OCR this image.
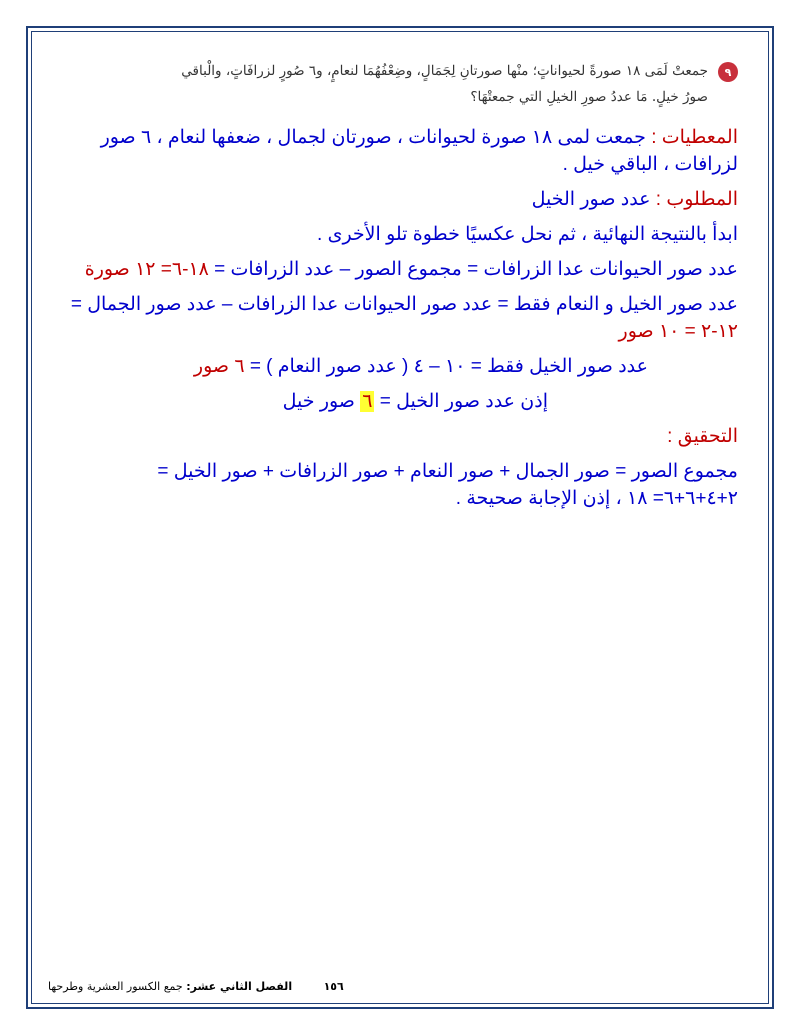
٩

جمعتْ لَمَى ١٨ صورةً لحيواناتٍ؛ منْها صورتانِ لِجَمَالٍ، وضِعْفُهُمَا لنعامٍ، و٦ صُورٍ لزرافَاتٍ، والْباقي

صورُ خيلٍ. مَا عددُ صورِ الخيلِ التي جمعتْهَا؟

المعطيات : جمعت لمى ١٨ صورة لحيوانات ، صورتان لجمال ، ضعفها لنعام ، ٦ صور لزرافات ، الباقي خيل .

المطلوب : عدد صور الخيل

ابدأ بالنتيجة النهائية ، ثم نحل عكسيًا خطوة تلو الأخرى .

عدد صور الحيوانات عدا الزرافات = مجموع الصور – عدد الزرافات = ١٨-٦= ١٢ صورة

عدد صور الخيل و النعام فقط = عدد صور الحيوانات عدا الزرافات – عدد صور الجمال = ١٢-٢ = ١٠ صور

عدد صور الخيل فقط = ١٠ – ٤ ( عدد صور النعام ) = ٦ صور

إذن عدد صور الخيل = ٦ صور خيل

التحقيق :

مجموع الصور = صور الجمال + صور النعام + صور الزرافات + صور الخيل = ٢+٤+٦+٦= ١٨ ، إذن الإجابة صحيحة .

١٥٦ الفصل الثاني عشر: جمع الكسور العشرية وطرحها
